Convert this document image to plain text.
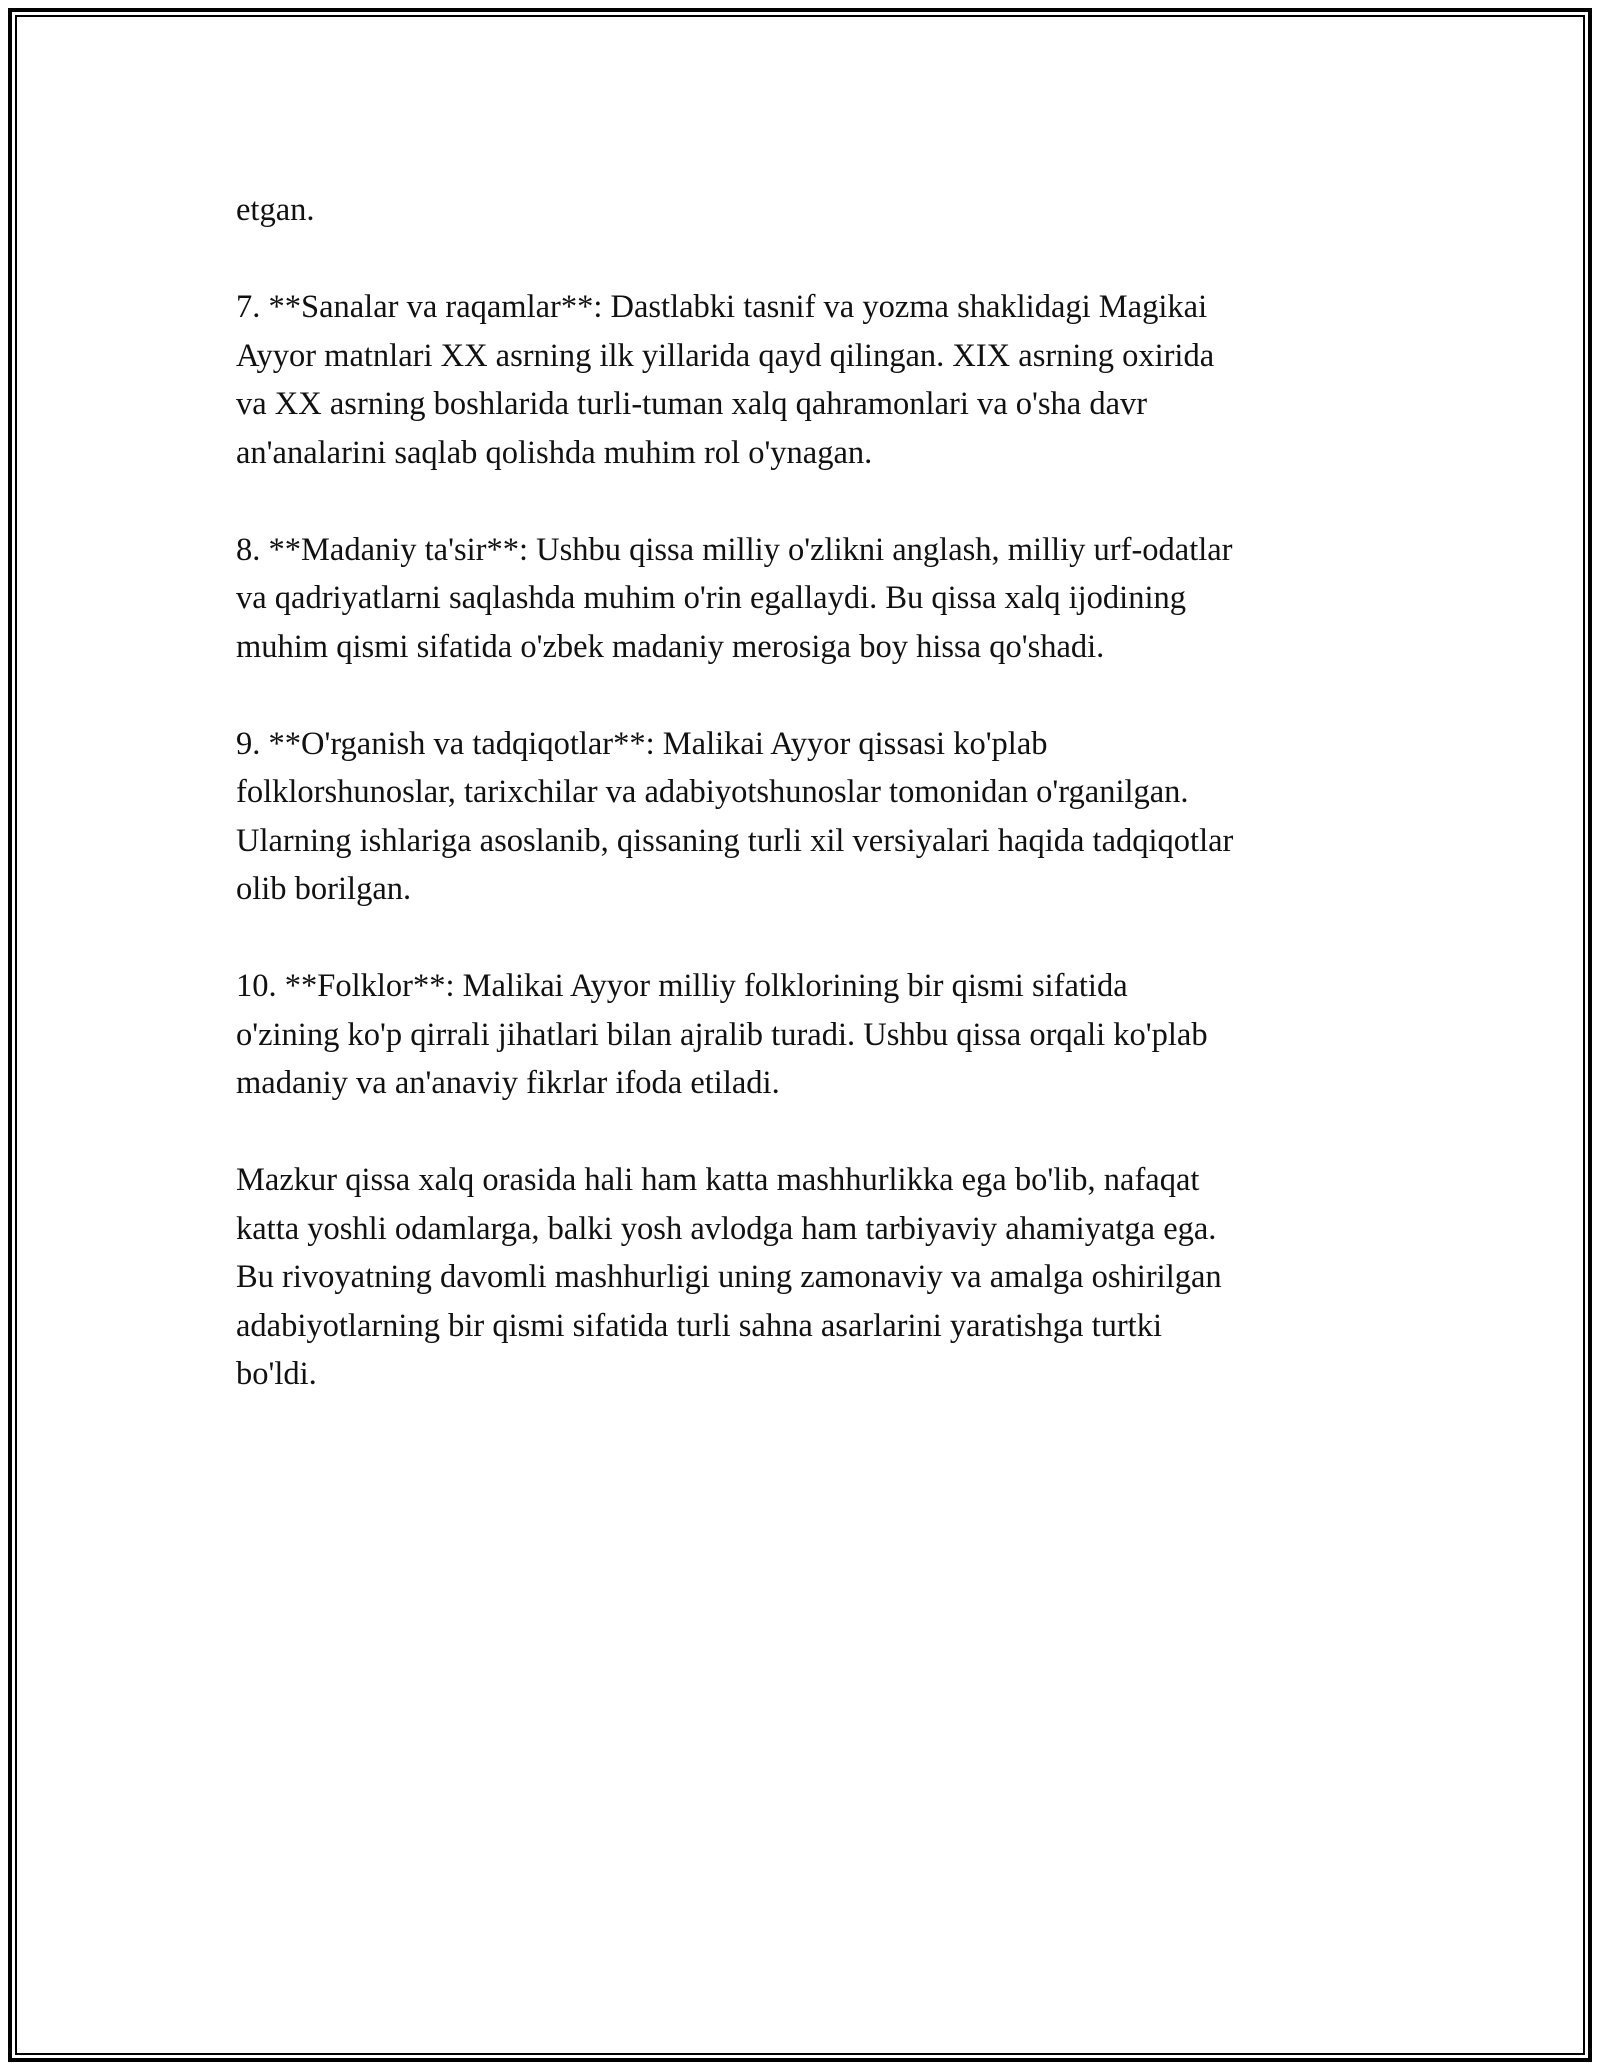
etgan.

7. **Sanalar va raqamlar**: Dastlabki tasnif va yozma shaklidagi Magikai
Ayyor matnlari XX asrning ilk yillarida qayd qilingan. XIX asrning oxirida
va XX asrning boshlarida turli-tuman xalq qahramonlari va o'sha davr
an'analarini saqlab qolishda muhim rol o'ynagan.

8. **Madaniy ta'sir**: Ushbu qissa milliy o'zlikni anglash, milliy urf-odatlar
va qadriyatlarni saqlashda muhim o'rin egallaydi. Bu qissa xalq ijodining
muhim qismi sifatida o'zbek madaniy merosiga boy hissa qo'shadi.

9. **O'rganish va tadqiqotlar**: Malikai Ayyor qissasi ko'plab
folklorshunoslar, tarixchilar va adabiyotshunoslar tomonidan o'rganilgan.
Ularning ishlariga asoslanib, qissaning turli xil versiyalari haqida tadqiqotlar
olib borilgan.

10. **Folklor**: Malikai Ayyor milliy folklorining bir qismi sifatida
o'zining ko'p qirrali jihatlari bilan ajralib turadi. Ushbu qissa orqali ko'plab
madaniy va an'anaviy fikrlar ifoda etiladi.

Mazkur qissa xalq orasida hali ham katta mashhurlikka ega bo'lib, nafaqat
katta yoshli odamlarga, balki yosh avlodga ham tarbiyaviy ahamiyatga ega.
Bu rivoyatning davomli mashhurligi uning zamonaviy va amalga oshirilgan
adabiyotlarning bir qismi sifatida turli sahna asarlarini yaratishga turtki
bo'ldi.
